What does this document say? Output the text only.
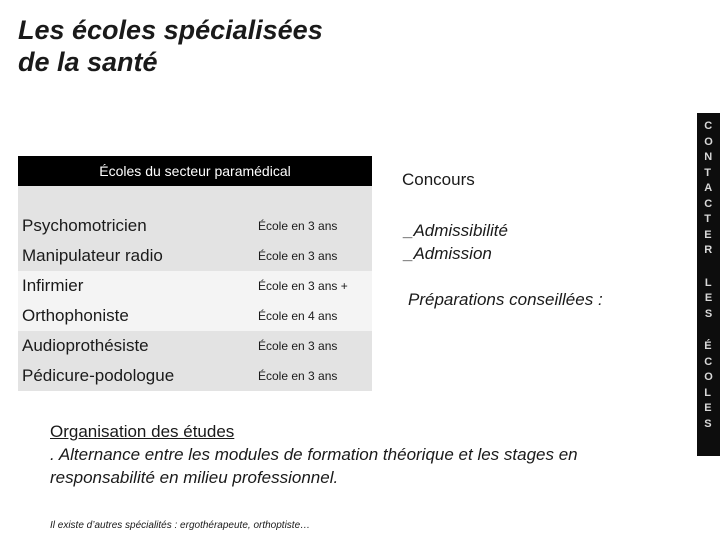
Les écoles spécialisées
de la santé
Écoles du secteur paramédical
Psychomotricien	École en 3 ans
Manipulateur radio	École en 3 ans
Infirmier	École en 3 ans +
Orthophoniste	École en 4 ans
Audioprothésiste	École en 3 ans
Pédicure-podologue	École en 3 ans
Concours
_Admissibilité
_Admission
Préparations conseillées :
Organisation des études
. Alternance entre les modules de formation théorique et les stages en responsabilité en milieu professionnel.
Il existe d’autres spécialités : ergothérapeute, orthoptiste…
C
O
N
T
A
C
T
E
R
L
E
S
É
C
O
L
E
S
